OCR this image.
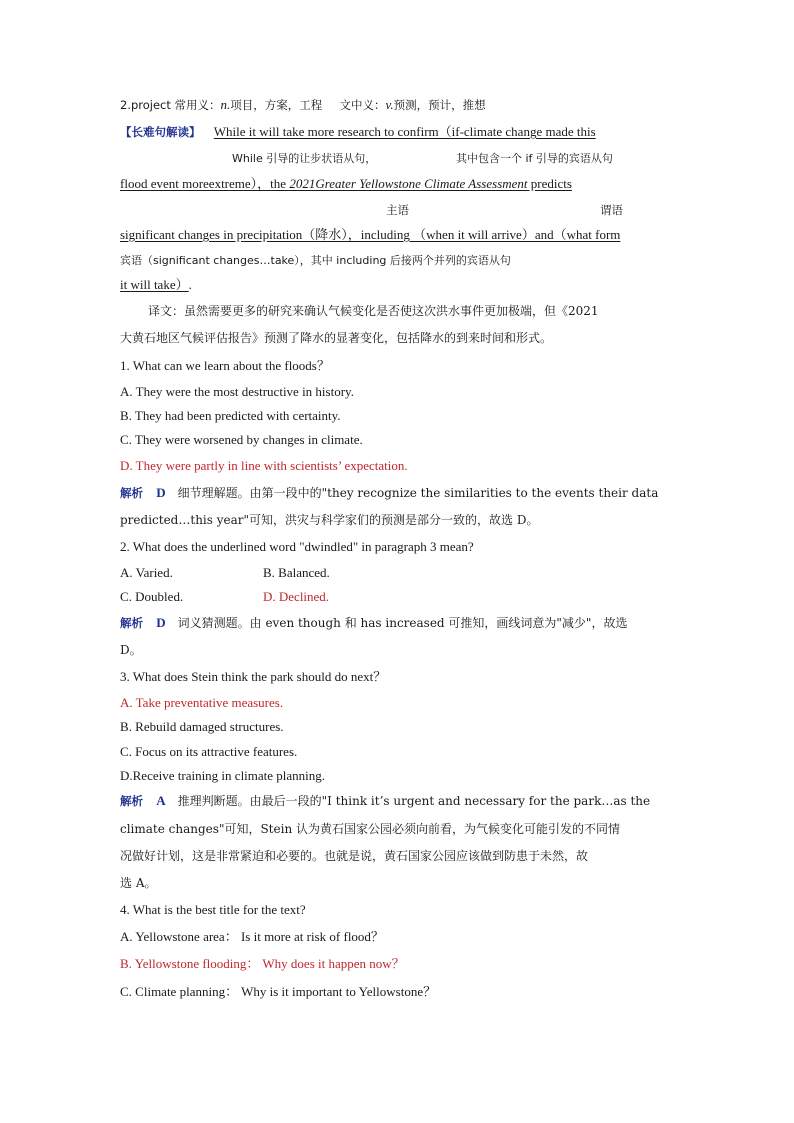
2.project 常用义：n.项目，方案，工程 文中义：v.预测，预计，推想
【长难句解读】 While it will take more research to confirm（if-climate change made this
While 引导的让步状语从句，	其中包含一个 if 引导的宾语从句
flood event moreextreme），the 2021Greater Yellowstone Climate Assessment predicts
主语	谓语
significant changes in precipitation（降水），including （when it will arrive）and（what form
宾语（significant changes…take），其中 including 后接两个并列的宾语从句
it will take）.
译文：虽然需要更多的研究来确认气候变化是否使这次洪水事件更加极端，但《2021
大黄石地区气候评估报告》预测了降水的显著变化，包括降水的到来时间和形式。
1. What can we learn about the floods？
A. They were the most destructive in history.
B. They had been predicted with certainty.
C. They were worsened by changes in climate.
D. They were partly in line with scientists’ expectation.
解析 D 细节理解题。由第一段中的"they recognize the similarities to the events their data
predicted…this year"可知，洪灾与科学家们的预测是部分一致的，故选 D。
2. What does the underlined word "dwindled" in paragraph 3 mean?
A. Varied.	B. Balanced.
C. Doubled.	D. Declined.
解析 D 词义猜测题。由 even though 和 has increased 可推知，画线词意为"减少"，故选
D。
3. What does Stein think the park should do next？
A. Take preventative measures.
B. Rebuild damaged structures.
C. Focus on its attractive features.
D.Receive training in climate planning.
解析 A 推理判断题。由最后一段的"I think it’s urgent and necessary for the park…as the
climate changes"可知，Stein 认为黄石国家公园必须向前看，为气候变化可能引发的不同情
况做好计划，这是非常紧迫和必要的。也就是说，黄石国家公园应该做到防患于未然，故
选 A。
4. What is the best title for the text?
A. Yellowstone area： Is it more at risk of flood？
B. Yellowstone flooding： Why does it happen now？
C. Climate planning： Why is it important to Yellowstone？
